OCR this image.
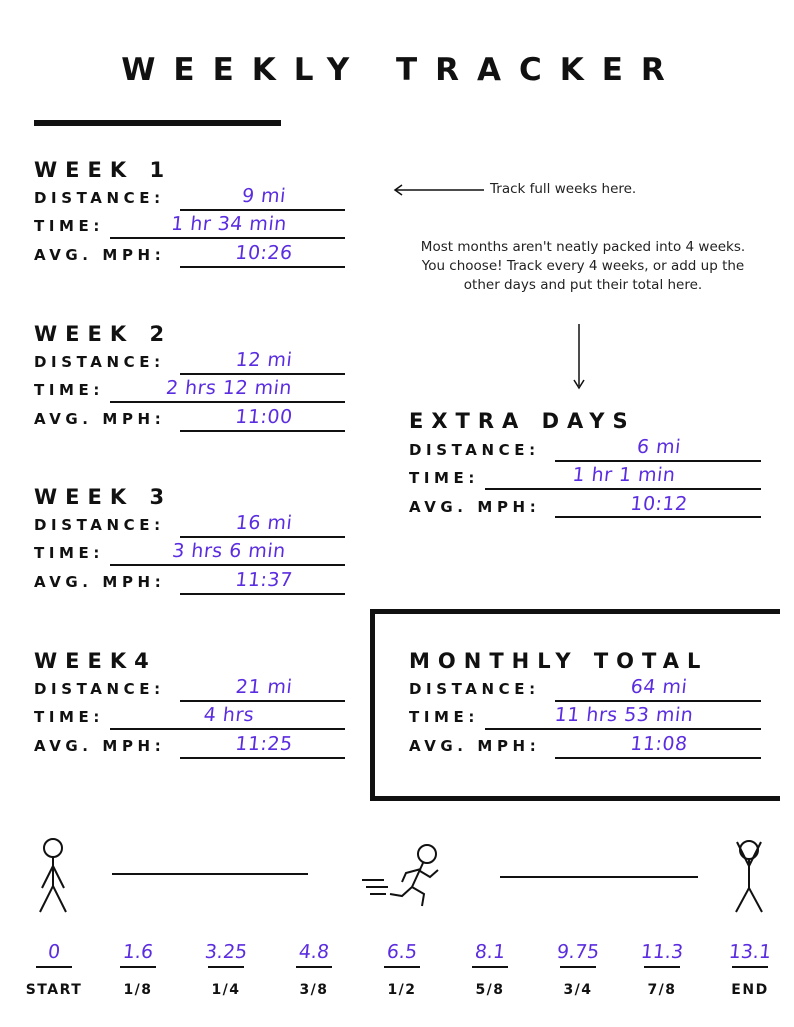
WEEKLY TRACKER
WEEK 1
DISTANCE:	9 mi
TIME:	1 hr 34 min
AVG. MPH:	10:26
WEEK 2
DISTANCE:	12 mi
TIME:	2 hrs 12 min
AVG. MPH:	11:00
WEEK 3
DISTANCE:	16 mi
TIME:	3 hrs 6 min
AVG. MPH:	11:37
WEEK4
DISTANCE:	21 mi
TIME:	4 hrs
AVG. MPH:	11:25
Track full weeks here.
Most months aren't neatly packed into 4 weeks. You choose! Track every 4 weeks, or add up the other days and put their total here.
EXTRA DAYS
DISTANCE:	6 mi
TIME:	1 hr 1 min
AVG. MPH:	10:12
MONTHLY TOTAL
DISTANCE:	64 mi
TIME:	11 hrs 53 min
AVG. MPH:	11:08
0
START
1.6
1/8
3.25
1/4
4.8
3/8
6.5
1/2
8.1
5/8
9.75
3/4
11.3
7/8
13.1
END
